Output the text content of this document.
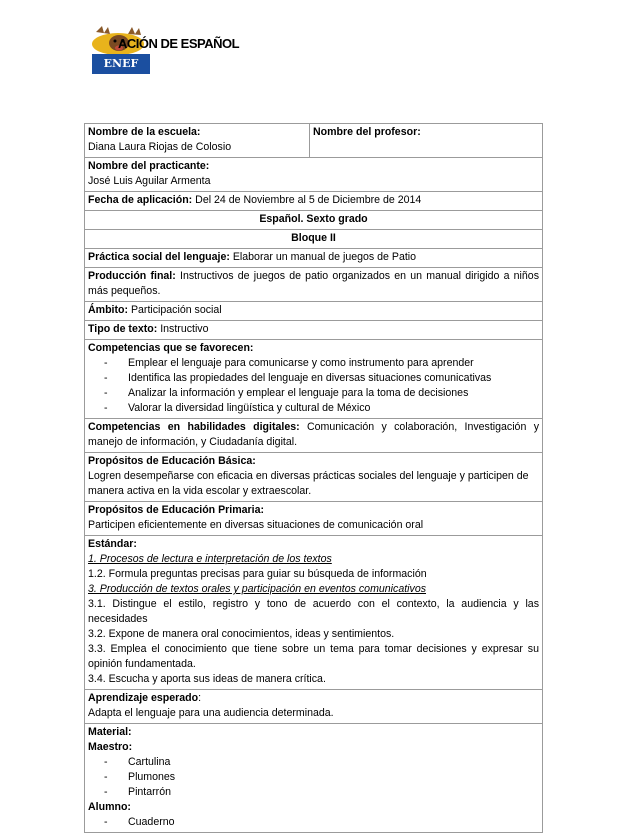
ENEF
ACIÓN DE ESPAÑOL
Nombre de la escuela:
Diana Laura Riojas de Colosio

Nombre del profesor:

Nombre del practicante:
José Luis Aguilar Armenta

Fecha de aplicación: Del 24 de Noviembre al 5 de Diciembre de 2014
Español. Sexto grado
Bloque II
Práctica social del lenguaje: Elaborar un manual de juegos de Patio
Producción final: Instructivos de juegos de patio organizados en un manual dirigido a niños más pequeños.
Ámbito: Participación social
Tipo de texto: Instructivo

Competencias que se favorecen:
- Emplear el lenguaje para comunicarse y como instrumento para aprender
- Identifica las propiedades del lenguaje en diversas situaciones comunicativas
- Analizar la información y emplear el lenguaje para la toma de decisiones
- Valorar la diversidad lingüística y cultural de México

Competencias en habilidades digitales: Comunicación y colaboración, Investigación y manejo de información, y Ciudadanía digital.

Propósitos de Educación Básica:
Logren desempeñarse con eficacia en diversas prácticas sociales del lenguaje y participen de manera activa en la vida escolar y extraescolar.

Propósitos de Educación Primaria:
Participen eficientemente en diversas situaciones de comunicación oral

Estándar:
1. Procesos de lectura e interpretación de los textos
1.2. Formula preguntas precisas para guiar su búsqueda de información
3. Producción de textos orales y participación en eventos comunicativos
3.1. Distingue el estilo, registro y tono de acuerdo con el contexto, la audiencia y las necesidades
3.2. Expone de manera oral conocimientos, ideas y sentimientos.
3.3. Emplea el conocimiento que tiene sobre un tema para tomar decisiones y expresar su opinión fundamentada.
3.4. Escucha y aporta sus ideas de manera crítica.

Aprendizaje esperado:
Adapta el lenguaje para una audiencia determinada.

Material:
Maestro:
- Cartulina
- Plumones
- Pintarrón
Alumno:
- Cuaderno
